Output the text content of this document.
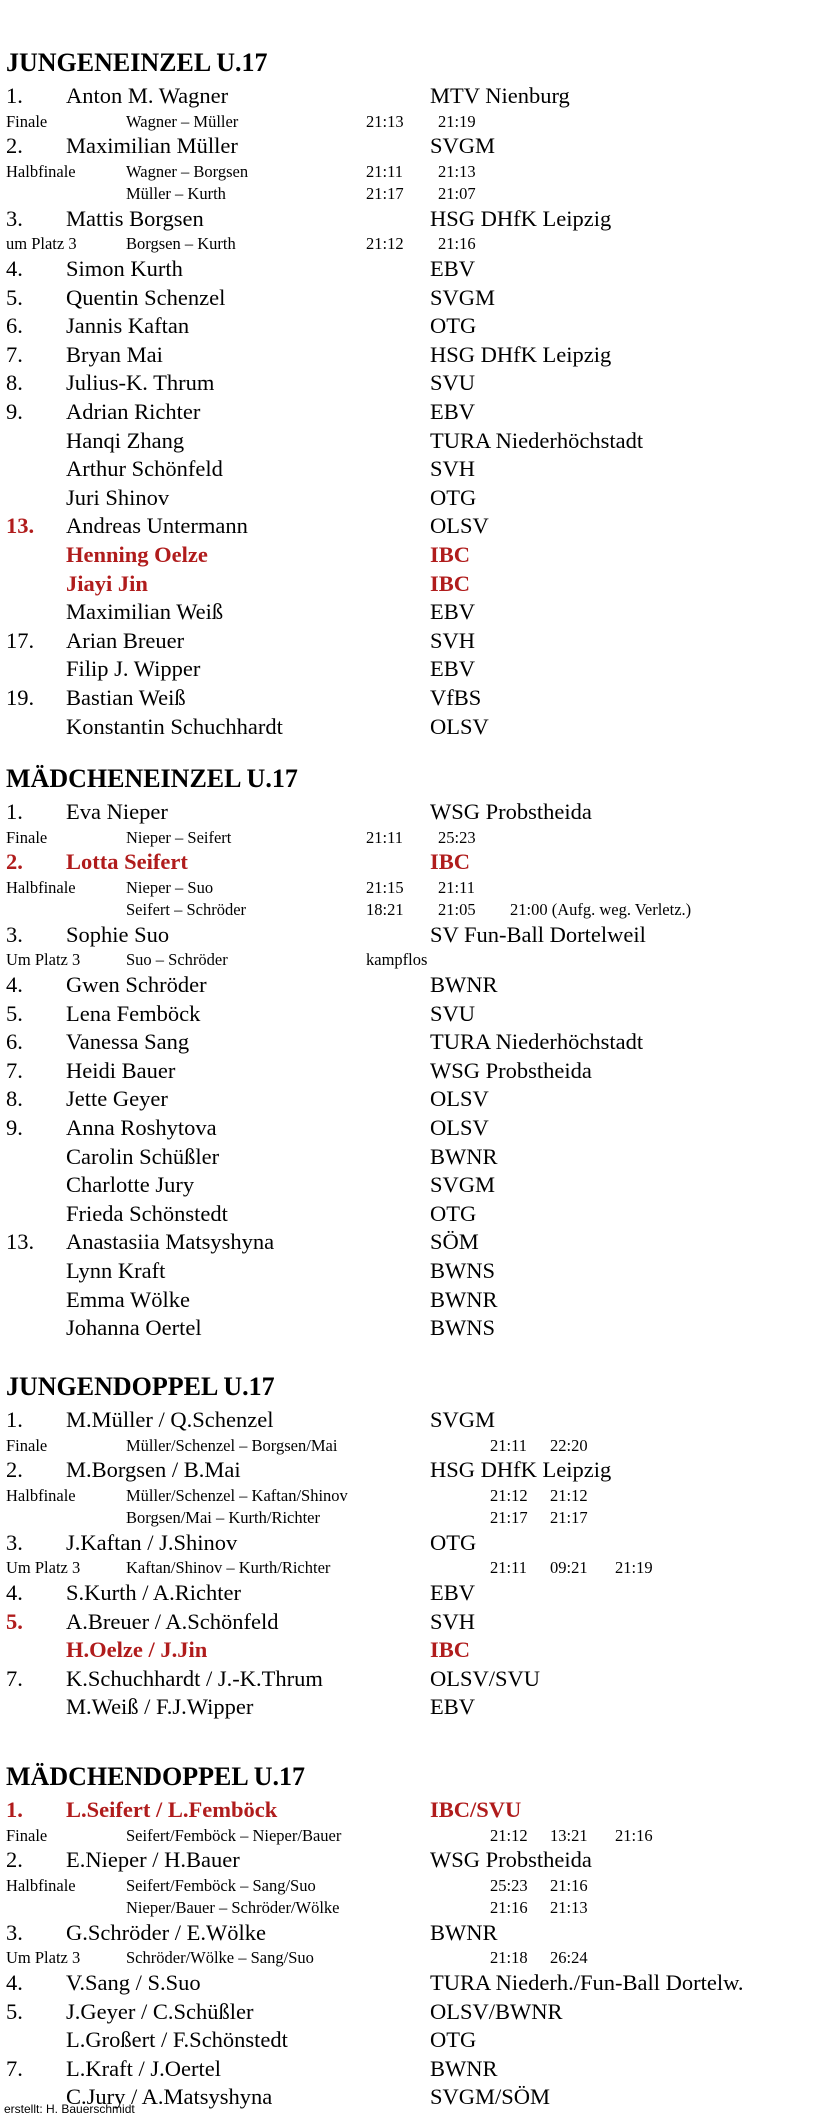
JUNGENEINZEL U.17
1. Anton M. Wagner	MTV Nienburg
Finale	Wagner – Müller	21:13 21:19
2. Maximilian Müller	SVGM
Halbfinale	Wagner – Borgsen	21:11 21:13
Müller – Kurth	21:17 21:07
3. Mattis Borgsen	HSG DHfK Leipzig
um Platz 3	Borgsen – Kurth	21:12 21:16
4. Simon Kurth	EBV
5. Quentin Schenzel	SVGM
6. Jannis Kaftan	OTG
7. Bryan Mai	HSG DHfK Leipzig
8. Julius-K. Thrum	SVU
9. Adrian Richter	EBV
Hanqi Zhang	TURA Niederhöchstadt
Arthur Schönfeld	SVH
Juri Shinov	OTG
13. Andreas Untermann	OLSV
Henning Oelze	IBC
Jiayi Jin	IBC
Maximilian Weiß	EBV
17. Arian Breuer	SVH
Filip J. Wipper	EBV
19. Bastian Weiß	VfBS
Konstantin Schuchhardt	OLSV
MÄDCHENEINZEL U.17
1. Eva Nieper	WSG Probstheida
Finale	Nieper – Seifert	21:11 25:23
2. Lotta Seifert	IBC
Halbfinale	Nieper – Suo	21:15 21:11
Seifert – Schröder	18:21 21:05 21:00 (Aufg. weg. Verletz.)
3. Sophie Suo	SV Fun-Ball Dortelweil
Um Platz 3	Suo – Schröder	kampflos
4. Gwen Schröder	BWNR
5. Lena Femböck	SVU
6. Vanessa Sang	TURA Niederhöchstadt
7. Heidi Bauer	WSG Probstheida
8. Jette Geyer	OLSV
9. Anna Roshytova	OLSV
Carolin Schüßler	BWNR
Charlotte Jury	SVGM
Frieda Schönstedt	OTG
13. Anastasiia Matsyshyna	SÖM
Lynn Kraft	BWNS
Emma Wölke	BWNR
Johanna Oertel	BWNS
JUNGENDOPPEL U.17
1. M.Müller / Q.Schenzel	SVGM
Finale	Müller/Schenzel – Borgsen/Mai	21:11 22:20
2. M.Borgsen / B.Mai	HSG DHfK Leipzig
Halbfinale	Müller/Schenzel – Kaftan/Shinov	21:12 21:12
Borgsen/Mai – Kurth/Richter	21:17 21:17
3. J.Kaftan / J.Shinov	OTG
Um Platz 3	Kaftan/Shinov – Kurth/Richter	21:11 09:21 21:19
4. S.Kurth / A.Richter	EBV
5. A.Breuer / A.Schönfeld	SVH
H.Oelze / J.Jin	IBC
7. K.Schuchhardt / J.-K.Thrum	OLSV/SVU
M.Weiß / F.J.Wipper	EBV
MÄDCHENDOPPEL U.17
1. L.Seifert / L.Femböck	IBC/SVU
Finale	Seifert/Femböck – Nieper/Bauer	21:12 13:21 21:16
2. E.Nieper / H.Bauer	WSG Probstheida
Halbfinale	Seifert/Femböck – Sang/Suo	25:23 21:16
Nieper/Bauer – Schröder/Wölke	21:16 21:13
3. G.Schröder / E.Wölke	BWNR
Um Platz 3	Schröder/Wölke – Sang/Suo	21:18 26:24
4. V.Sang / S.Suo	TURA Niederh./Fun-Ball Dortelw.
5. J.Geyer / C.Schüßler	OLSV/BWNR
L.Großert / F.Schönstedt	OTG
7. L.Kraft / J.Oertel	BWNR
C.Jury / A.Matsyshyna	SVGM/SÖM
erstellt: H. Bauerschmidt
